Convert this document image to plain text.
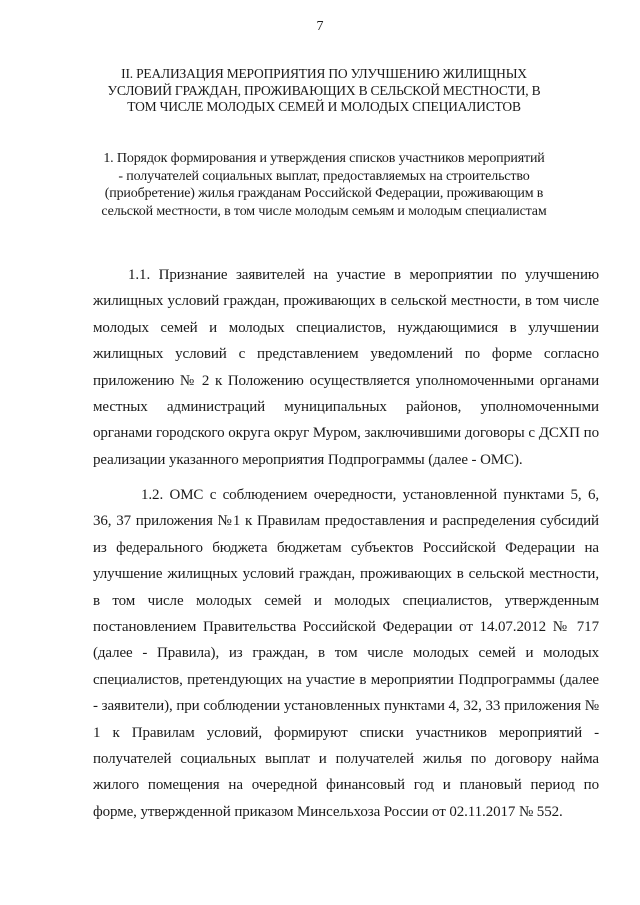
7
II. РЕАЛИЗАЦИЯ МЕРОПРИЯТИЯ ПО УЛУЧШЕНИЮ ЖИЛИЩНЫХ УСЛОВИЙ ГРАЖДАН, ПРОЖИВАЮЩИХ В СЕЛЬСКОЙ МЕСТНОСТИ, В ТОМ ЧИСЛЕ МОЛОДЫХ СЕМЕЙ И МОЛОДЫХ СПЕЦИАЛИСТОВ
1. Порядок формирования и утверждения списков участников мероприятий - получателей социальных выплат, предоставляемых на строительство (приобретение) жилья гражданам Российской Федерации, проживающим в сельской местности, в том числе молодым семьям и молодым специалистам

1.1. Признание заявителей на участие в мероприятии по улучшению жилищных условий граждан, проживающих в сельской местности, в том числе молодых семей и молодых специалистов, нуждающимися в улучшении жилищных условий с представлением уведомлений по форме согласно приложению № 2 к Положению осуществляется уполномоченными органами местных администраций муниципальных районов, уполномоченными органами городского округа округ Муром, заключившими договоры с ДСХП по реализации указанного мероприятия Подпрограммы (далее - ОМС).

1.2. ОМС с соблюдением очередности, установленной пунктами 5, 6, 36, 37 приложения №1 к Правилам предоставления и распределения субсидий из федерального бюджета бюджетам субъектов Российской Федерации на улучшение жилищных условий граждан, проживающих в сельской местности, в том числе молодых семей и молодых специалистов, утвержденным постановлением Правительства Российской Федерации от 14.07.2012 № 717 (далее - Правила), из граждан, в том числе молодых семей и молодых специалистов, претендующих на участие в мероприятии Подпрограммы (далее - заявители), при соблюдении установленных пунктами 4, 32, 33 приложения № 1 к Правилам условий, формируют списки участников мероприятий - получателей социальных выплат и получателей жилья по договору найма жилого помещения на очередной финансовый год и плановый период по форме, утвержденной приказом Минсельхоза России от 02.11.2017 № 552.
